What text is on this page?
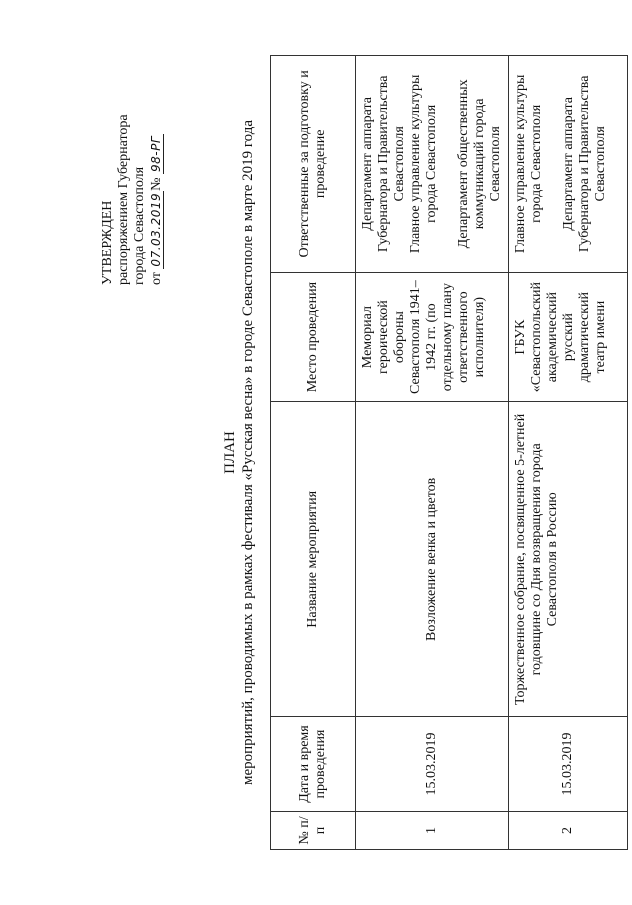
УТВЕРЖДЕН распоряжением Губернатора города Севастополя от 07.03.2019№ 98-РГ
ПЛАН мероприятий, проводимых в рамках фестиваля «Русская весна» в городе Севастополе в марте 2019 года
№ п/п	Дата и время проведения	Название мероприятия	Место проведения	Ответственные за подготовку и проведение
1	15.03.2019	Возложение венка и цветов	Мемориал героической обороны Севастополя 1941–1942 гг. (по отдельному плану ответственного исполнителя)	Департамент аппарата Губернатора и Правительства Севастополя Главное управление культуры города Севастополя Департамент общественных коммуникаций города Севастополя

2	15.03.2019	Торжественное собрание, посвященное 5-летней годовщине со Дня возвращения города Севастополя в Россию	ГБУК «Севастопольский академический русский драматический театр имени	Главное управление культуры города Севастополя Департамент аппарата Губернатора и Правительства Севастополя
